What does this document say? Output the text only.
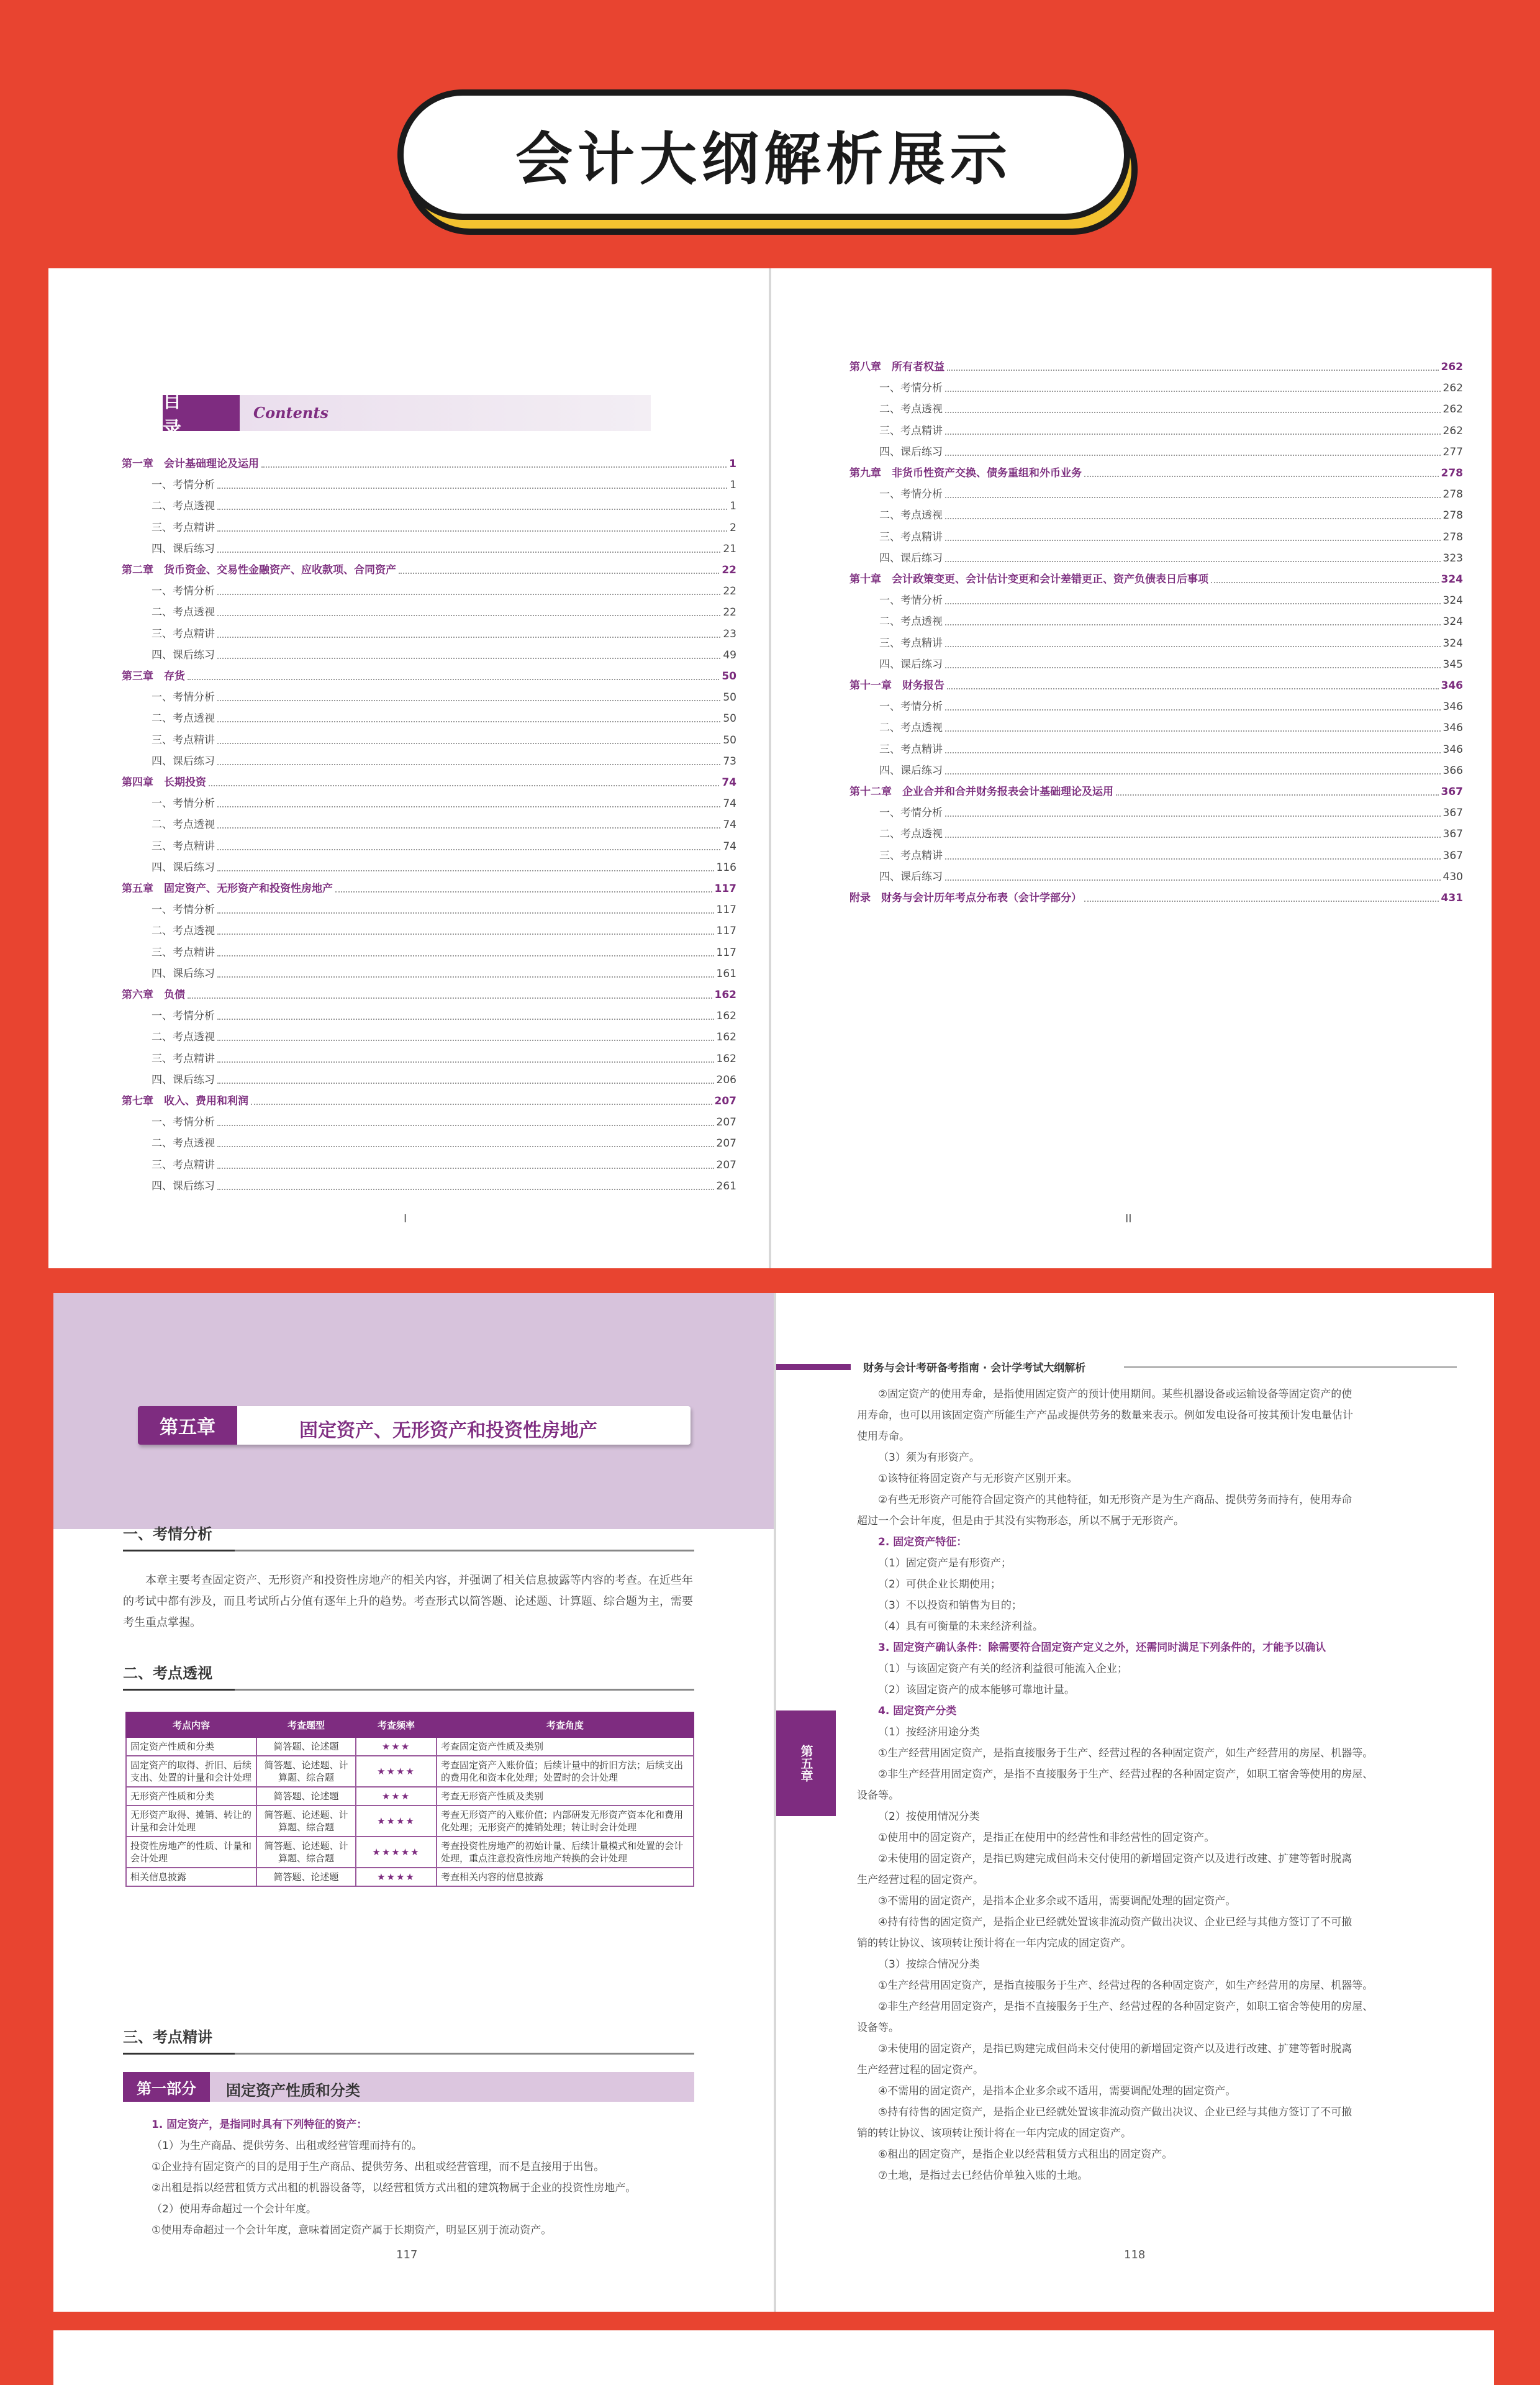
会计大纲解析展示
目 录
Contents
第一章　会计基础理论及运用	1
一、考情分析	1
二、考点透视	1
三、考点精讲	2
四、课后练习	21
第二章　货币资金、交易性金融资产、应收款项、合同资产	22
一、考情分析	22
二、考点透视	22
三、考点精讲	23
四、课后练习	49
第三章　存货	50
一、考情分析	50
二、考点透视	50
三、考点精讲	50
四、课后练习	73
第四章　长期投资	74
一、考情分析	74
二、考点透视	74
三、考点精讲	74
四、课后练习	116
第五章　固定资产、无形资产和投资性房地产	117
一、考情分析	117
二、考点透视	117
三、考点精讲	117
四、课后练习	161
第六章　负债	162
一、考情分析	162
二、考点透视	162
三、考点精讲	162
四、课后练习	206
第七章　收入、费用和利润	207
一、考情分析	207
二、考点透视	207
三、考点精讲	207
四、课后练习	261
I
第八章　所有者权益	262
一、考情分析	262
二、考点透视	262
三、考点精讲	262
四、课后练习	277
第九章　非货币性资产交换、债务重组和外币业务	278
一、考情分析	278
二、考点透视	278
三、考点精讲	278
四、课后练习	323
第十章　会计政策变更、会计估计变更和会计差错更正、资产负债表日后事项	324
一、考情分析	324
二、考点透视	324
三、考点精讲	324
四、课后练习	345
第十一章　财务报告	346
一、考情分析	346
二、考点透视	346
三、考点精讲	346
四、课后练习	366
第十二章　企业合并和合并财务报表会计基础理论及运用	367
一、考情分析	367
二、考点透视	367
三、考点精讲	367
四、课后练习	430
附录　财务与会计历年考点分布表（会计学部分）	431
II
第五章	固定资产、无形资产和投资性房地产
一、考情分析
本章主要考查固定资产、无形资产和投资性房地产的相关内容，并强调了相关信息披露等内容的考查。在近些年的考试中都有涉及，而且考试所占分值有逐年上升的趋势。考查形式以简答题、论述题、计算题、综合题为主，需要考生重点掌握。
二、考点透视
考点内容	考查题型	考查频率	考查角度
固定资产性质和分类	简答题、论述题	★★★	考查固定资产性质及类别
固定资产的取得、折旧、后续支出、处置的计量和会计处理	简答题、论述题、计算题、综合题	★★★★	考查固定资产入账价值；后续计量中的折旧方法；后续支出的费用化和资本化处理；处置时的会计处理
无形资产性质和分类	简答题、论述题	★★★	考查无形资产性质及类别
无形资产取得、摊销、转让的计量和会计处理	简答题、论述题、计算题、综合题	★★★★	考查无形资产的入账价值；内部研发无形资产资本化和费用化处理；无形资产的摊销处理；转让时会计处理
投资性房地产的性质、计量和会计处理	简答题、论述题、计算题、综合题	★★★★★	考查投资性房地产的初始计量、后续计量模式和处置的会计处理，重点注意投资性房地产转换的会计处理
相关信息披露	简答题、论述题	★★★★	考查相关内容的信息披露
三、考点精讲
第一部分	固定资产性质和分类
1. 固定资产，是指同时具有下列特征的资产：
（1）为生产商品、提供劳务、出租或经营管理而持有的。
①企业持有固定资产的目的是用于生产商品、提供劳务、出租或经营管理，而不是直接用于出售。
②出租是指以经营租赁方式出租的机器设备等，以经营租赁方式出租的建筑物属于企业的投资性房地产。
（2）使用寿命超过一个会计年度。
①使用寿命超过一个会计年度，意味着固定资产属于长期资产，明显区别于流动资产。
117
财务与会计考研备考指南 · 会计学考试大纲解析
第五章
②固定资产的使用寿命，是指使用固定资产的预计使用期间。某些机器设备或运输设备等固定资产的使
用寿命，也可以用该固定资产所能生产产品或提供劳务的数量来表示。例如发电设备可按其预计发电量估计
使用寿命。
（3）须为有形资产。
①该特征将固定资产与无形资产区别开来。
②有些无形资产可能符合固定资产的其他特征，如无形资产是为生产商品、提供劳务而持有，使用寿命
超过一个会计年度，但是由于其没有实物形态，所以不属于无形资产。
2. 固定资产特征：
（1）固定资产是有形资产；
（2）可供企业长期使用；
（3）不以投资和销售为目的；
（4）具有可衡量的未来经济利益。
3. 固定资产确认条件：除需要符合固定资产定义之外，还需同时满足下列条件的，才能予以确认
（1）与该固定资产有关的经济利益很可能流入企业；
（2）该固定资产的成本能够可靠地计量。
4. 固定资产分类
（1）按经济用途分类
①生产经营用固定资产，是指直接服务于生产、经营过程的各种固定资产，如生产经营用的房屋、机器等。
②非生产经营用固定资产，是指不直接服务于生产、经营过程的各种固定资产，如职工宿舍等使用的房屋、
设备等。
（2）按使用情况分类
①使用中的固定资产，是指正在使用中的经营性和非经营性的固定资产。
②未使用的固定资产，是指已购建完成但尚未交付使用的新增固定资产以及进行改建、扩建等暂时脱离
生产经营过程的固定资产。
③不需用的固定资产，是指本企业多余或不适用，需要调配处理的固定资产。
④持有待售的固定资产，是指企业已经就处置该非流动资产做出决议、企业已经与其他方签订了不可撤
销的转让协议、该项转让预计将在一年内完成的固定资产。
（3）按综合情况分类
①生产经营用固定资产，是指直接服务于生产、经营过程的各种固定资产，如生产经营用的房屋、机器等。
②非生产经营用固定资产，是指不直接服务于生产、经营过程的各种固定资产，如职工宿舍等使用的房屋、
设备等。
③未使用的固定资产，是指已购建完成但尚未交付使用的新增固定资产以及进行改建、扩建等暂时脱离
生产经营过程的固定资产。
④不需用的固定资产，是指本企业多余或不适用，需要调配处理的固定资产。
⑤持有待售的固定资产，是指企业已经就处置该非流动资产做出决议、企业已经与其他方签订了不可撤
销的转让协议、该项转让预计将在一年内完成的固定资产。
⑥租出的固定资产，是指企业以经营租赁方式租出的固定资产。
⑦土地，是指过去已经估价单独入账的土地。
118
